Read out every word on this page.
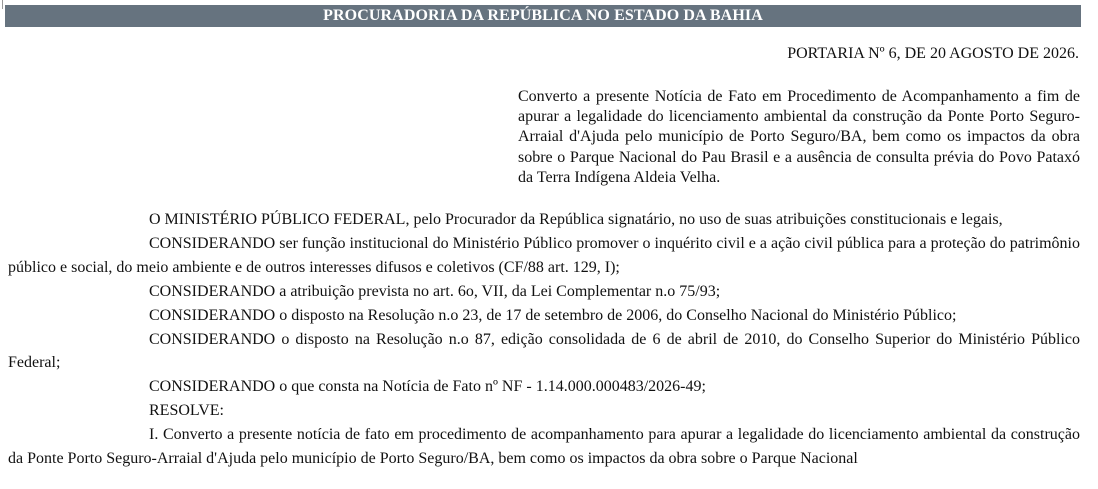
PROCURADORIA DA REPÚBLICA NO ESTADO DA BAHIA
PORTARIA Nº 6, DE 20 AGOSTO DE 2026.
Converto a presente Notícia de Fato em Procedimento de Acompanhamento a fim de apurar a legalidade do licenciamento ambiental da construção da Ponte Porto Seguro-Arraial d'Ajuda pelo município de Porto Seguro/BA, bem como os impactos da obra sobre o Parque Nacional do Pau Brasil e a ausência de consulta prévia do Povo Pataxó da Terra Indígena Aldeia Velha.

O MINISTÉRIO PÚBLICO FEDERAL, pelo Procurador da República signatário, no uso de suas atribuições constitucionais e legais,

CONSIDERANDO ser função institucional do Ministério Público promover o inquérito civil e a ação civil pública para a proteção do patrimônio público e social, do meio ambiente e de outros interesses difusos e coletivos (CF/88 art. 129, I);

CONSIDERANDO a atribuição prevista no art. 6o, VII, da Lei Complementar n.o 75/93;

CONSIDERANDO o disposto na Resolução n.o 23, de 17 de setembro de 2006, do Conselho Nacional do Ministério Público;

CONSIDERANDO o disposto na Resolução n.o 87, edição consolidada de 6 de abril de 2010, do Conselho Superior do Ministério Público Federal;

CONSIDERANDO o que consta na Notícia de Fato nº NF - 1.14.000.000483/2026-49;

RESOLVE:

I. Converto a presente notícia de fato em procedimento de acompanhamento para apurar a legalidade do licenciamento ambiental da construção da Ponte Porto Seguro-Arraial d'Ajuda pelo município de Porto Seguro/BA, bem como os impactos da obra sobre o Parque Nacional
